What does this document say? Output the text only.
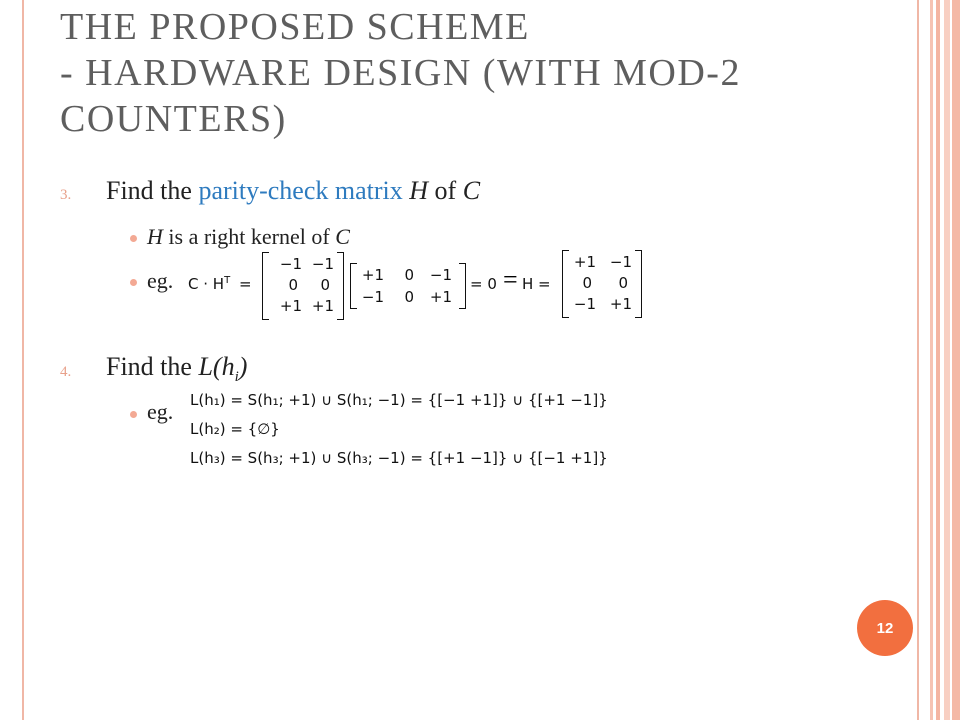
THE PROPOSED SCHEME
- HARDWARE DESIGN (WITH MOD-2
COUNTERS)
3. Find the parity-check matrix H of C
H is a right kernel of C
eg. $C \cdot H^T$ =
−1 −1
0	0
+1 +1
+1	0	−1
−1	0	+1
= 0 = H =
+1 −1
0	0
−1 +1
4. Find the $L(h_i)$
eg. L(h₁) = S(h₁; +1) ∪ S(h₁; −1) = {[−1 +1]} ∪ {[+1 −1]}
L(h₂) = {∅}
L(h₃) = S(h₃; +1) ∪ S(h₃; −1) = {[+1 −1]} ∪ {[−1 +1]}
12
